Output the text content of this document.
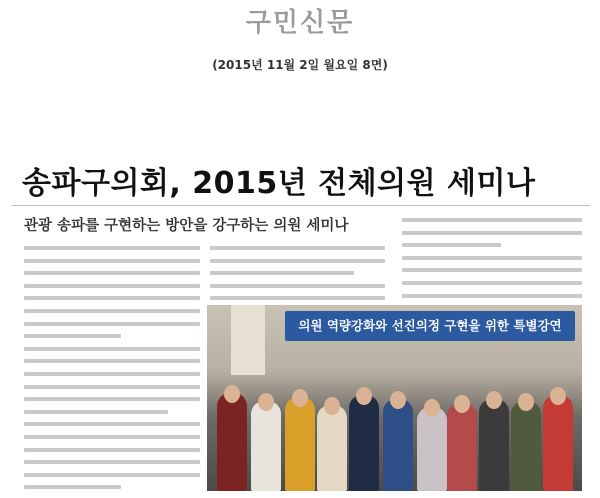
구민신문
(2015년 11월 2일 월요일 8면)
송파구의회, 2015년 전체의원 세미나
관광 송파를 구현하는 방안을 강구하는 의원 세미나
의원 역량강화와 선진의정 구현을 위한 특별강연
